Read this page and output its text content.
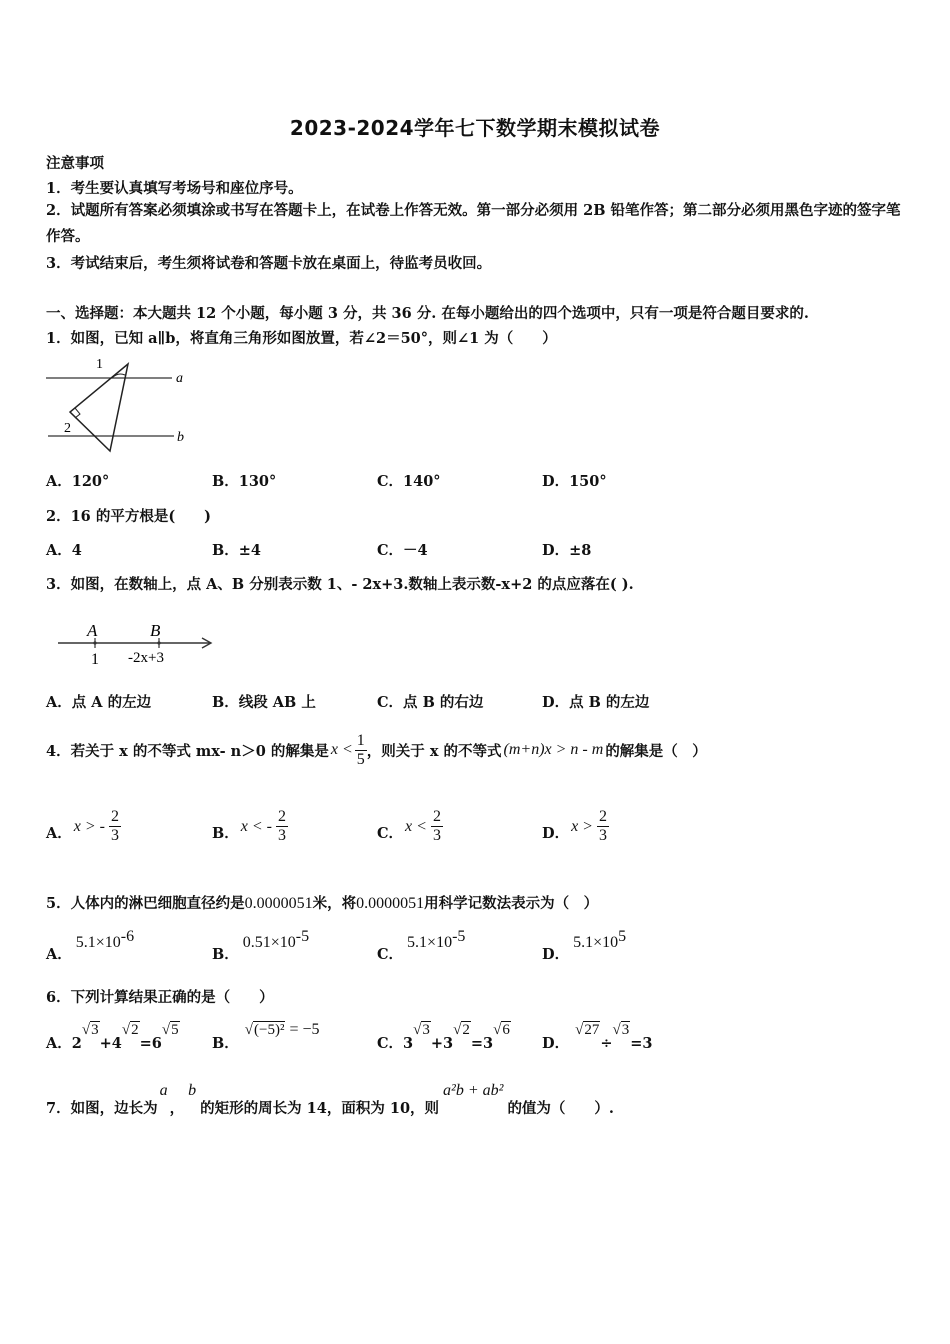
2023-2024学年七下数学期末模拟试卷
注意事项
1．考生要认真填写考场号和座位序号。
2．试题所有答案必须填涂或书写在答题卡上，在试卷上作答无效。第一部分必须用 2B 铅笔作答；第二部分必须用黑色字迹的签字笔作答。
3．考试结束后，考生须将试卷和答题卡放在桌面上，待监考员收回。
一、选择题：本大题共 12 个小题，每小题 3 分，共 36 分. 在每小题给出的四个选项中，只有一项是符合题目要求的.
1．如图，已知 a∥b，将直角三角形如图放置，若∠2＝50°，则∠1 为（　　）
1
2
a
b
A．120°	B．130°	C．140°	D．150°
2．16 的平方根是(　　)
A．4	B．±4	C．－4	D．±8
3．如图，在数轴上，点 A、B 分别表示数 1、- 2x+3.数轴上表示数-x+2 的点应落在( ).
A	B
1 -2x+3
A．点 A 的左边	B．线段 AB 上	C．点 B 的右边	D．点 B 的左边
4．若关于 x 的不等式 mx- n＞0 的解集是 $x < \frac{1}{5}$ ，则关于 x 的不等式 (m+n)x > n - m 的解集是（　）
A． x > - $\frac{2}{3}$	B． x < - $\frac{2}{3}$	C． $x < \frac{2}{3}$	D． $x > \frac{2}{3}$
5．人体内的淋巴细胞直径约是0.0000051米，将0.0000051用科学记数法表示为（　）
A．$5.1\times 10^{-6}$
B．$0.51\times 10^{-5}$
C．$5.1\times 10^{-5}$
D．$5.1\times 10^5$
6．下列计算结果正确的是（　　）
A．2√3+4√2=6√5
B．√(−5)² = −5
C．3√3+3√2=3√6
D．√27÷√3=3
7．如图，边长为
a
，
b
的矩形的周长为 14，面积为 10，则
a²b + ab²
的值为（　　）.
